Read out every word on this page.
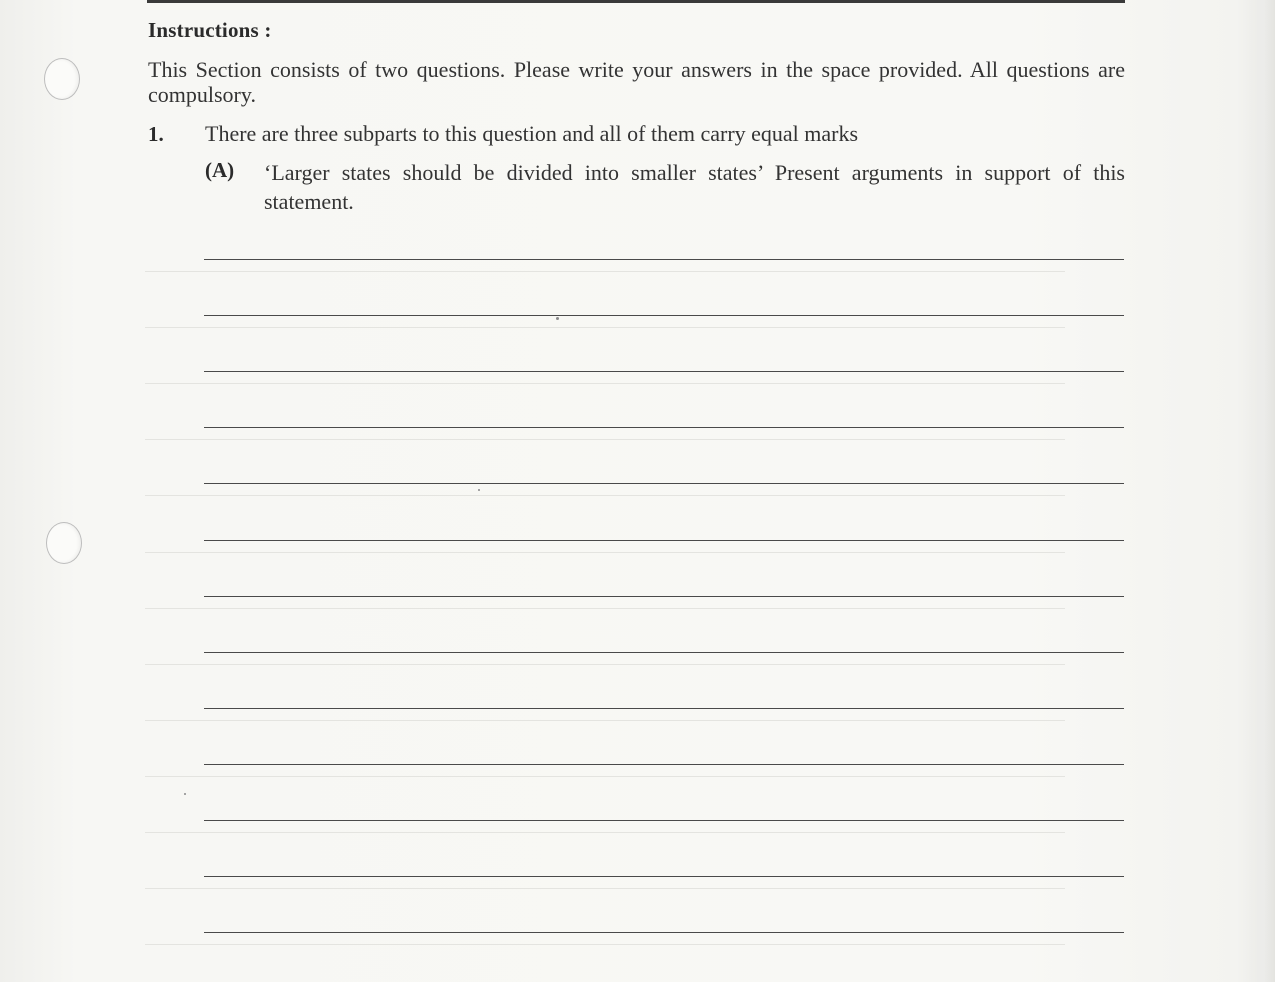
Instructions :
This Section consists of two questions. Please write your answers in the space provided. All questions are compulsory.
1. There are three subparts to this question and all of them carry equal marks
(A) ‘Larger states should be divided into smaller states’ Present arguments in support of this statement.
